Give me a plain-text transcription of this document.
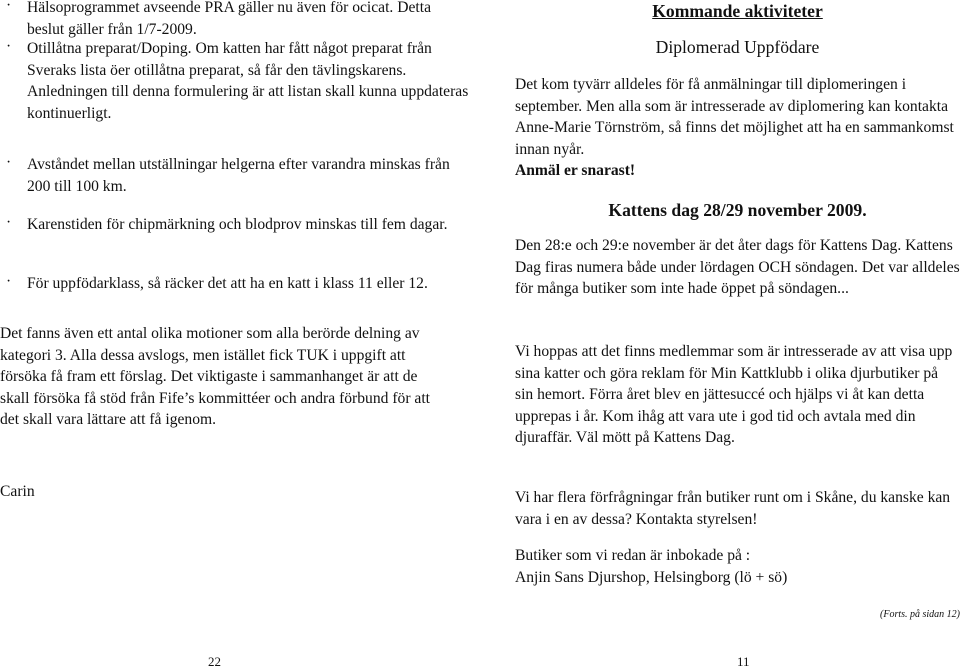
· Hälsoprogrammet avseende PRA gäller nu även för ocicat. Detta beslut gäller från 1/7-2009.
· Otillåtna preparat/Doping. Om katten har fått något preparat från Sveraks lista öer otillåtna preparat, så får den tävlingskarens. Anledningen till denna formulering är att listan skall kunna uppdateras kontinuerligt.
· Avståndet mellan utställningar helgerna efter varandra minskas från 200 till 100 km.
· Karenstiden för chipmärkning och blodprov minskas till fem dagar.
· För uppfödarklass, så räcker det att ha en katt i klass 11 eller 12.
Det fanns även ett antal olika motioner som alla berörde delning av kategori 3. Alla dessa avslogs, men istället fick TUK i uppgift att försöka få fram ett förslag. Det viktigaste i sammanhanget är att de skall försöka få stöd från Fife’s kommittéer och andra förbund för att det skall vara lättare att få igenom.
Carin
Kommande aktiviteter
Diplomerad Uppfödare
Det kom tyvärr alldeles för få anmälningar till diplomeringen i september. Men alla som är intresserade av diplomering kan kontakta Anne-Marie Törnström, så finns det möjlighet att ha en sammankomst innan nyår.
Anmäl er snarast!
Kattens dag 28/29 november 2009.
Den 28:e och 29:e november är det åter dags för Kattens Dag. Kattens Dag firas numera både under lördagen OCH söndagen. Det var alldeles för många butiker som inte hade öppet på söndagen...
Vi hoppas att det finns medlemmar som är intresserade av att visa upp sina katter och göra reklam för Min Kattklubb i olika djurbutiker på sin hemort. Förra året blev en jättesuccé och hjälps vi åt kan detta upprepas i år. Kom ihåg att vara ute i god tid och avtala med din djuraffär. Väl mött på Kattens Dag.
Vi har flera förfrågningar från butiker runt om i Skåne, du kanske kan vara i en av dessa? Kontakta styrelsen!
Butiker som vi redan är inbokade på :
Anjin Sans Djurshop, Helsingborg (lö + sö)
(Forts. på sidan 12)
22	11
